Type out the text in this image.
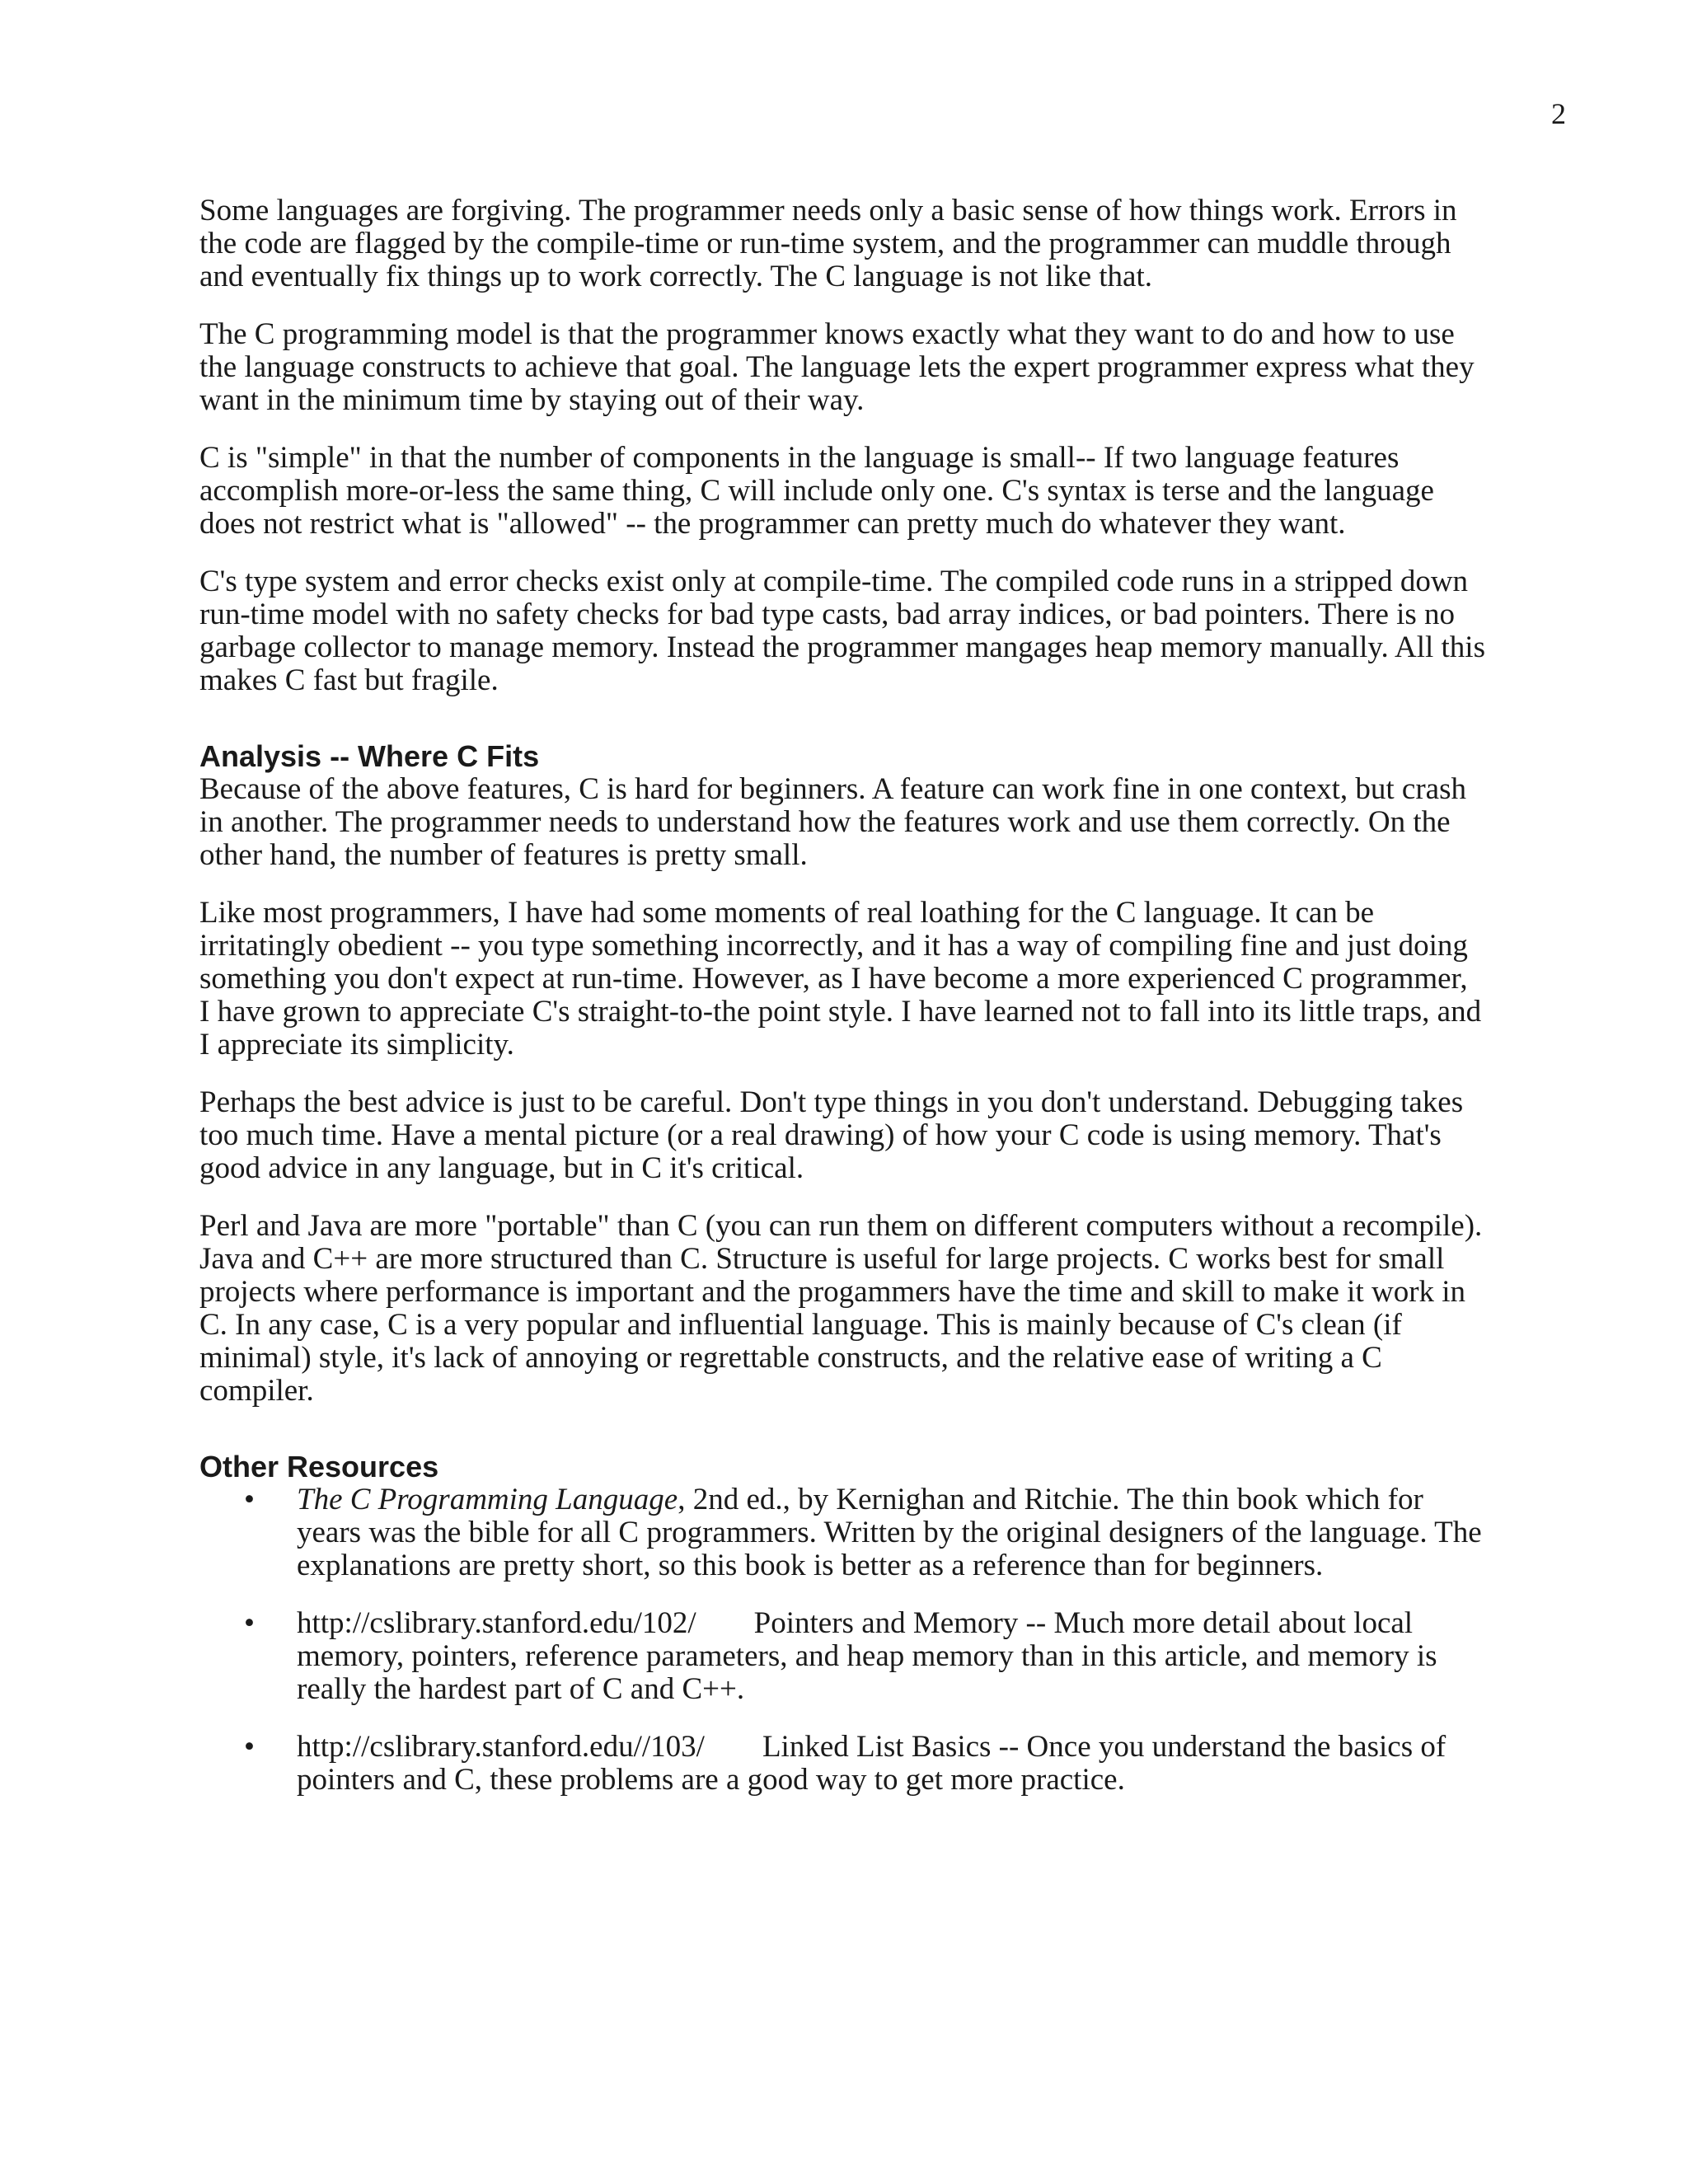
2

Some languages are forgiving. The programmer needs only a basic sense of how things work. Errors in the code are flagged by the compile-time or run-time system, and the programmer can muddle through and eventually fix things up to work correctly. The C language is not like that.

The C programming model is that the programmer knows exactly what they want to do and how to use the language constructs to achieve that goal. The language lets the expert programmer express what they want in the minimum time by staying out of their way.

C is "simple" in that the number of components in the language is small-- If two language features accomplish more-or-less the same thing, C will include only one. C's syntax is terse and the language does not restrict what is "allowed" -- the programmer can pretty much do whatever they want.

C's type system and error checks exist only at compile-time. The compiled code runs in a stripped down run-time model with no safety checks for bad type casts, bad array indices, or bad pointers. There is no garbage collector to manage memory. Instead the programmer mangages heap memory manually. All this makes C fast but fragile.

Analysis -- Where C Fits

Because of the above features, C is hard for beginners. A feature can work fine in one context, but crash in another. The programmer needs to understand how the features work and use them correctly. On the other hand, the number of features is pretty small.

Like most programmers, I have had some moments of real loathing for the C language. It can be irritatingly obedient -- you type something incorrectly, and it has a way of compiling fine and just doing something you don't expect at run-time. However, as I have become a more experienced C programmer, I have grown to appreciate C's straight-to-the point style. I have learned not to fall into its little traps, and I appreciate its simplicity.

Perhaps the best advice is just to be careful. Don't type things in you don't understand. Debugging takes too much time. Have a mental picture (or a real drawing) of how your C code is using memory. That's good advice in any language, but in C it's critical.

Perl and Java are more "portable" than C (you can run them on different computers without a recompile). Java and C++ are more structured than C. Structure is useful for large projects. C works best for small projects where performance is important and the progammers have the time and skill to make it work in C. In any case, C is a very popular and influential language. This is mainly because of C's clean (if minimal) style, it's lack of annoying or regrettable constructs, and the relative ease of writing a C compiler.

Other Resources
• The C Programming Language, 2nd ed., by Kernighan and Ritchie. The thin book which for years was the bible for all C programmers. Written by the original designers of the language. The explanations are pretty short, so this book is better as a reference than for beginners.
• http://cslibrary.stanford.edu/102/ Pointers and Memory -- Much more detail about local memory, pointers, reference parameters, and heap memory than in this article, and memory is really the hardest part of C and C++.
• http://cslibrary.stanford.edu//103/ Linked List Basics -- Once you understand the basics of pointers and C, these problems are a good way to get more practice.
